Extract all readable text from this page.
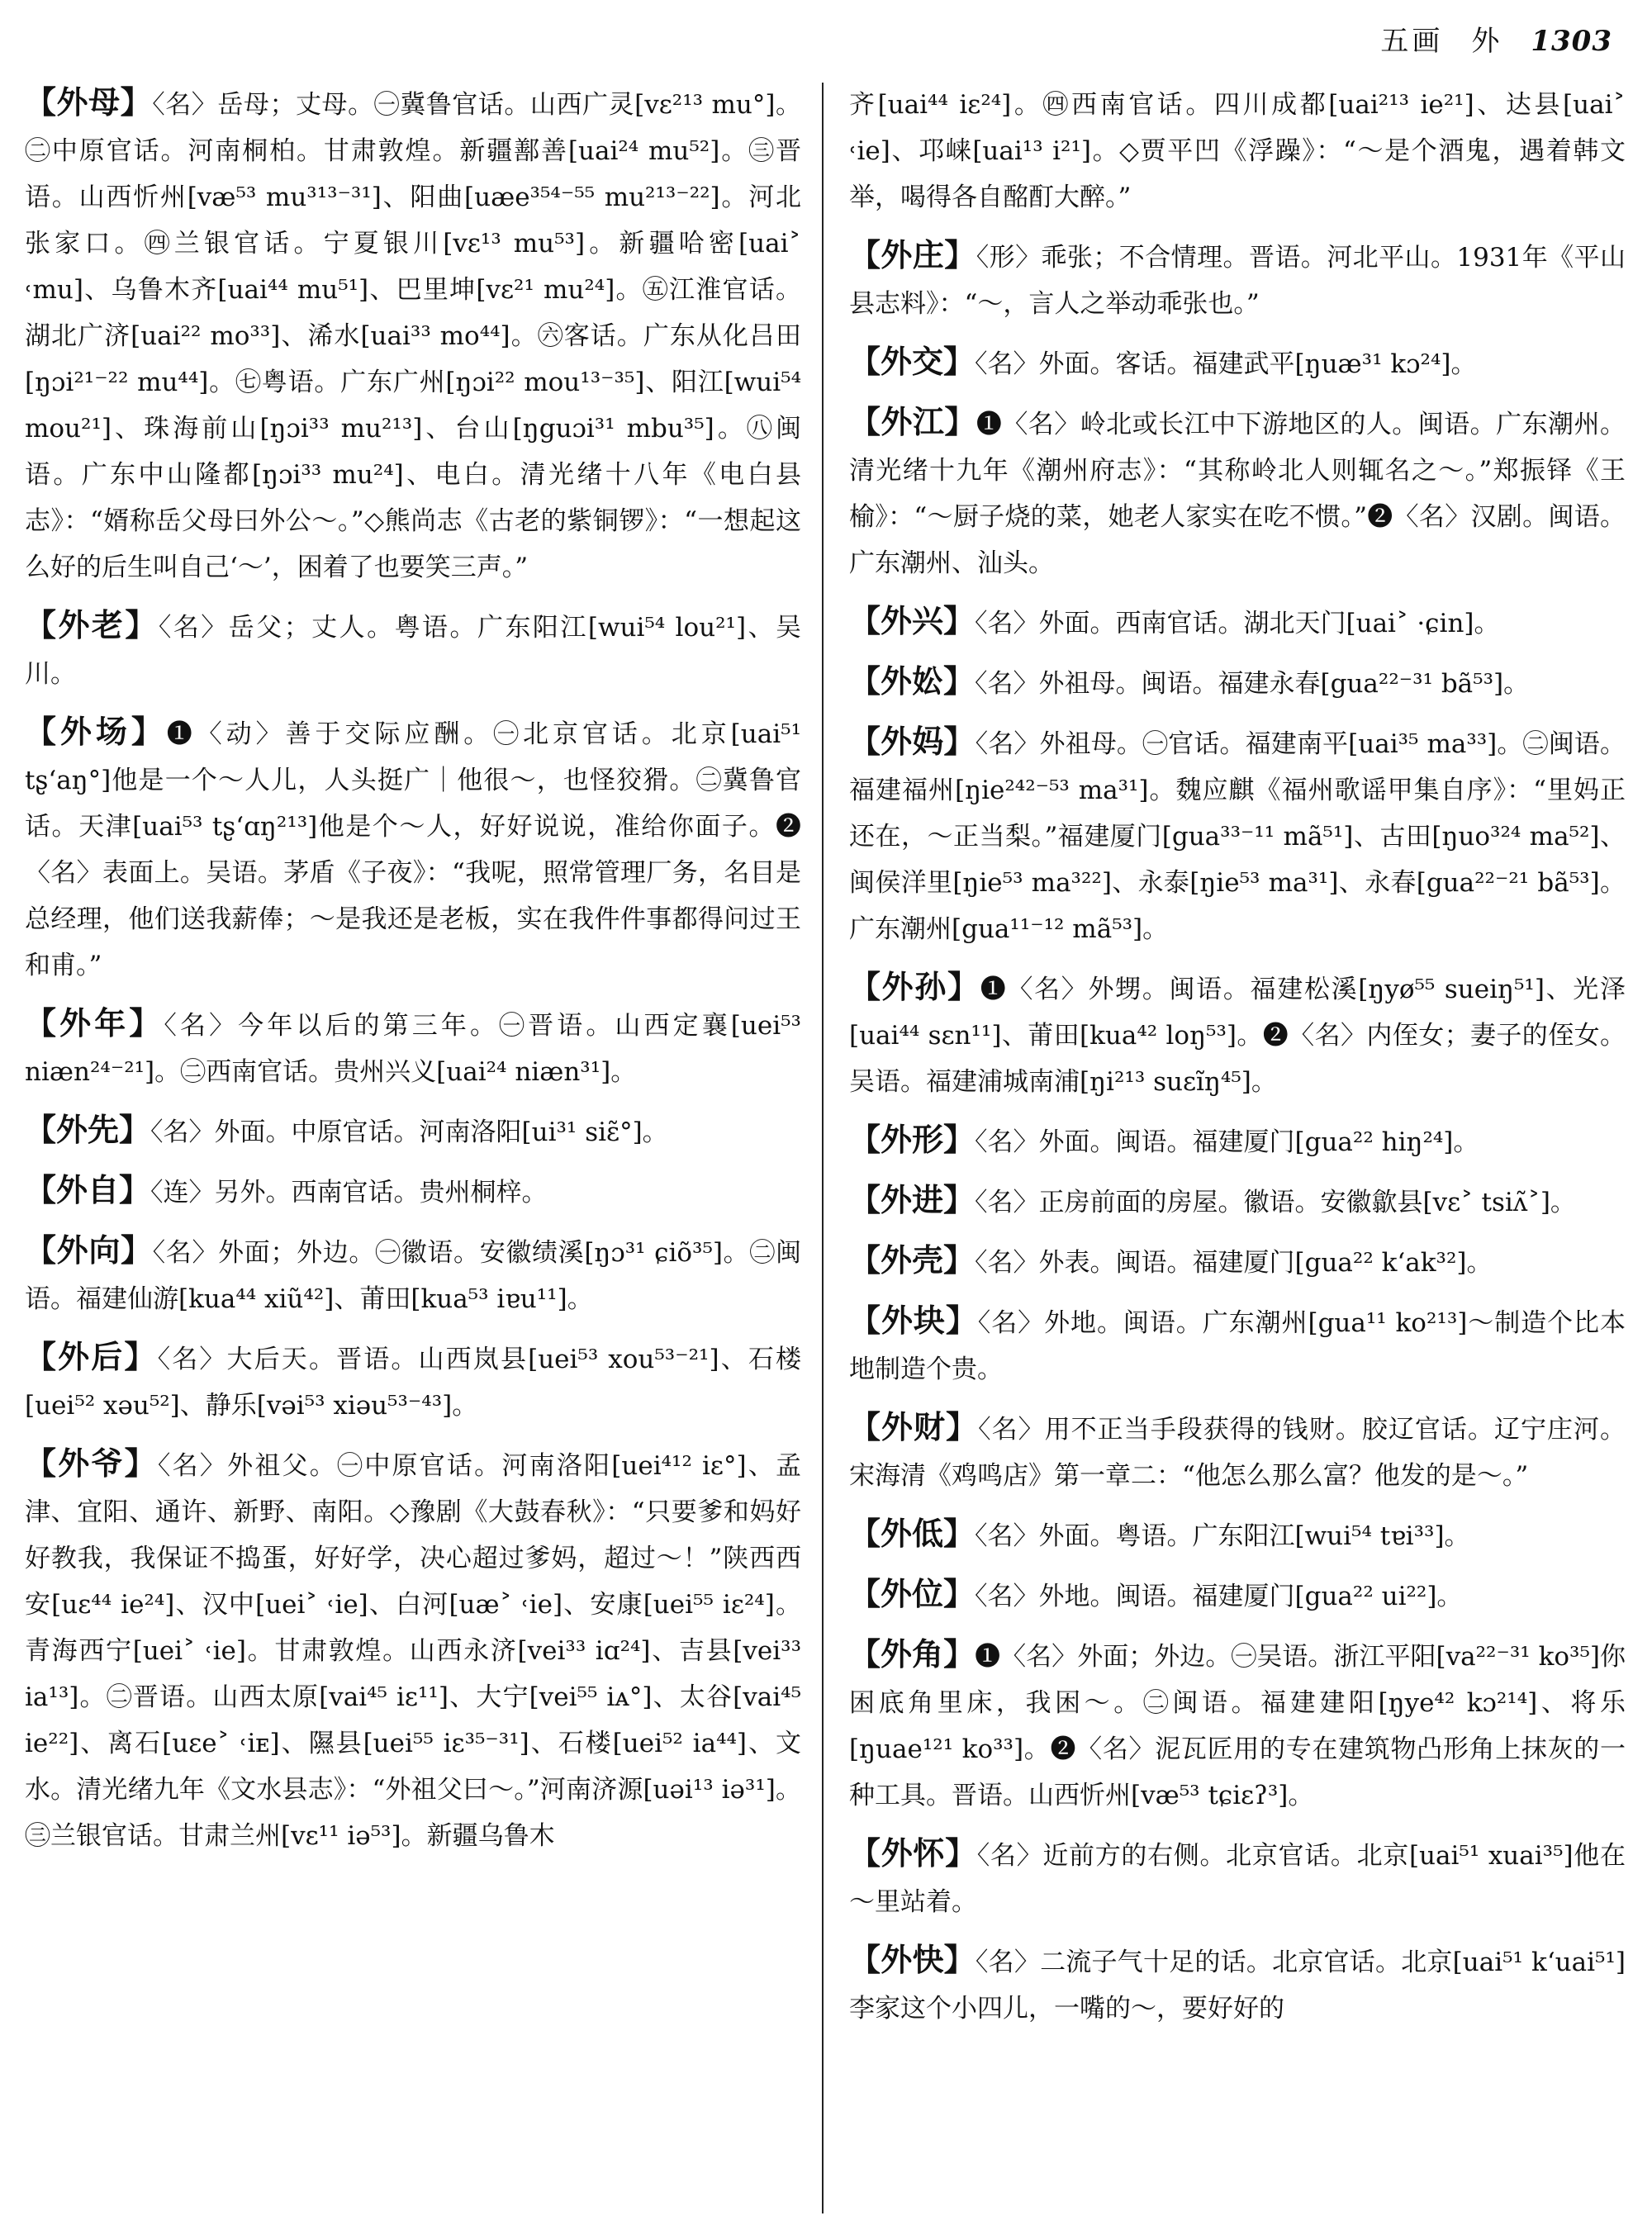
五画 外 1303

【外母】〈名〉岳母；丈母。㊀冀鲁官话。山西广灵[vɛ²¹³ mu°]。㊁中原官话。河南桐柏。甘肃敦煌。新疆鄯善[uai²⁴ mu⁵²]。㊂晋语。山西忻州[væ⁵³ mu³¹³⁻³¹]、阳曲[uæe³⁵⁴⁻⁵⁵ mu²¹³⁻²²]。河北张家口。㊃兰银官话。宁夏银川[vɛ¹³ mu⁵³]。新疆哈密[uai˃ ˓mu]、乌鲁木齐[uai⁴⁴ mu⁵¹]、巴里坤[vɛ²¹ mu²⁴]。㊄江淮官话。湖北广济[uai²² mo³³]、浠水[uai³³ mo⁴⁴]。㊅客话。广东从化吕田[ŋɔi²¹⁻²² mu⁴⁴]。㊆粤语。广东广州[ŋɔi²² mou¹³⁻³⁵]、阳江[wui⁵⁴ mou²¹]、珠海前山[ŋɔi³³ mu²¹³]、台山[ŋguɔi³¹ mbu³⁵]。㊇闽语。广东中山隆都[ŋɔi³³ mu²⁴]、电白。清光绪十八年《电白县志》：“婿称岳父母曰外公～。”◇熊尚志《古老的紫铜锣》：“一想起这么好的后生叫自己‘～’，困着了也要笑三声。”

【外老】〈名〉岳父；丈人。粤语。广东阳江[wui⁵⁴ lou²¹]、吴川。

【外场】❶〈动〉善于交际应酬。㊀北京官话。北京[uai⁵¹ tʂʻaŋ°]他是一个～人儿，人头挺广｜他很～，也怪狡猾。㊁冀鲁官话。天津[uai⁵³ tʂʻɑŋ²¹³]他是个～人，好好说说，准给你面子。❷〈名〉表面上。吴语。茅盾《子夜》：“我呢，照常管理厂务，名目是总经理，他们送我薪俸；～是我还是老板，实在我件件事都得问过王和甫。”

【外年】〈名〉今年以后的第三年。㊀晋语。山西定襄[uei⁵³ niæn²⁴⁻²¹]。㊁西南官话。贵州兴义[uai²⁴ niæn³¹]。

【外先】〈名〉外面。中原官话。河南洛阳[ui³¹ siɛ̃°]。

【外自】〈连〉另外。西南官话。贵州桐梓。

【外向】〈名〉外面；外边。㊀徽语。安徽绩溪[ŋɔ³¹ ɕiõ³⁵]。㊁闽语。福建仙游[kua⁴⁴ xiũ⁴²]、莆田[kua⁵³ iɐu¹¹]。

【外后】〈名〉大后天。晋语。山西岚县[uei⁵³ xou⁵³⁻²¹]、石楼[uei⁵² xəu⁵²]、静乐[vəi⁵³ xiəu⁵³⁻⁴³]。

【外爷】〈名〉外祖父。㊀中原官话。河南洛阳[uei⁴¹² iɛ°]、孟津、宜阳、通许、新野、南阳。◇豫剧《大鼓春秋》：“只要爹和妈好好教我，我保证不捣蛋，好好学，决心超过爹妈，超过～！”陕西西安[uɛ⁴⁴ ie²⁴]、汉中[uei˃ ˓ie]、白河[uæ˃ ˓ie]、安康[uei⁵⁵ iɛ²⁴]。青海西宁[uei˃ ˓ie]。甘肃敦煌。山西永济[vei³³ iɑ²⁴]、吉县[vei³³ ia¹³]。㊁晋语。山西太原[vai⁴⁵ iɛ¹¹]、大宁[vei⁵⁵ iᴀ°]、太谷[vai⁴⁵ ie²²]、离石[uɛe˃ ˓iᴇ]、隰县[uei⁵⁵ iɛ³⁵⁻³¹]、石楼[uei⁵² ia⁴⁴]、文水。清光绪九年《文水县志》：“外祖父曰～。”河南济源[uəi¹³ iə³¹]。㊂兰银官话。甘肃兰州[vɛ¹¹ iə⁵³]。新疆乌鲁木

齐[uai⁴⁴ iɛ²⁴]。㊃西南官话。四川成都[uai²¹³ ie²¹]、达县[uai˃ ˓ie]、邛崃[uai¹³ i²¹]。◇贾平凹《浮躁》：“～是个酒鬼，遇着韩文举，喝得各自酩酊大醉。”

【外庄】〈形〉乖张；不合情理。晋语。河北平山。1931年《平山县志料》：“～，言人之举动乖张也。”

【外交】〈名〉外面。客话。福建武平[ŋuæ³¹ kɔ²⁴]。

【外江】❶〈名〉岭北或长江中下游地区的人。闽语。广东潮州。清光绪十九年《潮州府志》：“其称岭北人则辄名之～。”郑振铎《王榆》：“～厨子烧的菜，她老人家实在吃不惯。”❷〈名〉汉剧。闽语。广东潮州、汕头。

【外兴】〈名〉外面。西南官话。湖北天门[uai˃ ·ɕin]。

【外妐】〈名〉外祖母。闽语。福建永春[gua²²⁻³¹ bã⁵³]。

【外妈】〈名〉外祖母。㊀官话。福建南平[uai³⁵ ma³³]。㊁闽语。福建福州[ŋie²⁴²⁻⁵³ ma³¹]。魏应麒《福州歌谣甲集自序》：“里妈正还在，～正当梨。”福建厦门[gua³³⁻¹¹ mã⁵¹]、古田[ŋuo³²⁴ ma⁵²]、闽侯洋里[ŋie⁵³ ma³²²]、永泰[ŋie⁵³ ma³¹]、永春[gua²²⁻²¹ bã⁵³]。广东潮州[gua¹¹⁻¹² mã⁵³]。

【外孙】❶〈名〉外甥。闽语。福建松溪[ŋyø⁵⁵ sueiŋ⁵¹]、光泽[uai⁴⁴ sɛn¹¹]、莆田[kua⁴² loŋ⁵³]。❷〈名〉内侄女；妻子的侄女。吴语。福建浦城南浦[ŋi²¹³ suɛĩŋ⁴⁵]。

【外形】〈名〉外面。闽语。福建厦门[gua²² hiŋ²⁴]。

【外进】〈名〉正房前面的房屋。徽语。安徽歙县[vɛ˃ tsiʌ̃˃]。

【外壳】〈名〉外表。闽语。福建厦门[gua²² kʻak³²]。

【外块】〈名〉外地。闽语。广东潮州[gua¹¹ ko²¹³]～制造个比本地制造个贵。

【外财】〈名〉用不正当手段获得的钱财。胶辽官话。辽宁庄河。宋海清《鸡鸣店》第一章二：“他怎么那么富？他发的是～。”

【外低】〈名〉外面。粤语。广东阳江[wui⁵⁴ tɐi³³]。

【外位】〈名〉外地。闽语。福建厦门[gua²² ui²²]。

【外角】❶〈名〉外面；外边。㊀吴语。浙江平阳[va²²⁻³¹ ko³⁵]你困底角里床，我困～。㊁闽语。福建建阳[ŋye⁴² kɔ²¹⁴]、将乐[ŋuae¹²¹ ko³³]。❷〈名〉泥瓦匠用的专在建筑物凸形角上抹灰的一种工具。晋语。山西忻州[væ⁵³ tɕiɛʔ³]。

【外怀】〈名〉近前方的右侧。北京官话。北京[uai⁵¹ xuai³⁵]他在～里站着。

【外快】〈名〉二流子气十足的话。北京官话。北京[uai⁵¹ kʻuai⁵¹]李家这个小四儿，一嘴的～，要好好的
